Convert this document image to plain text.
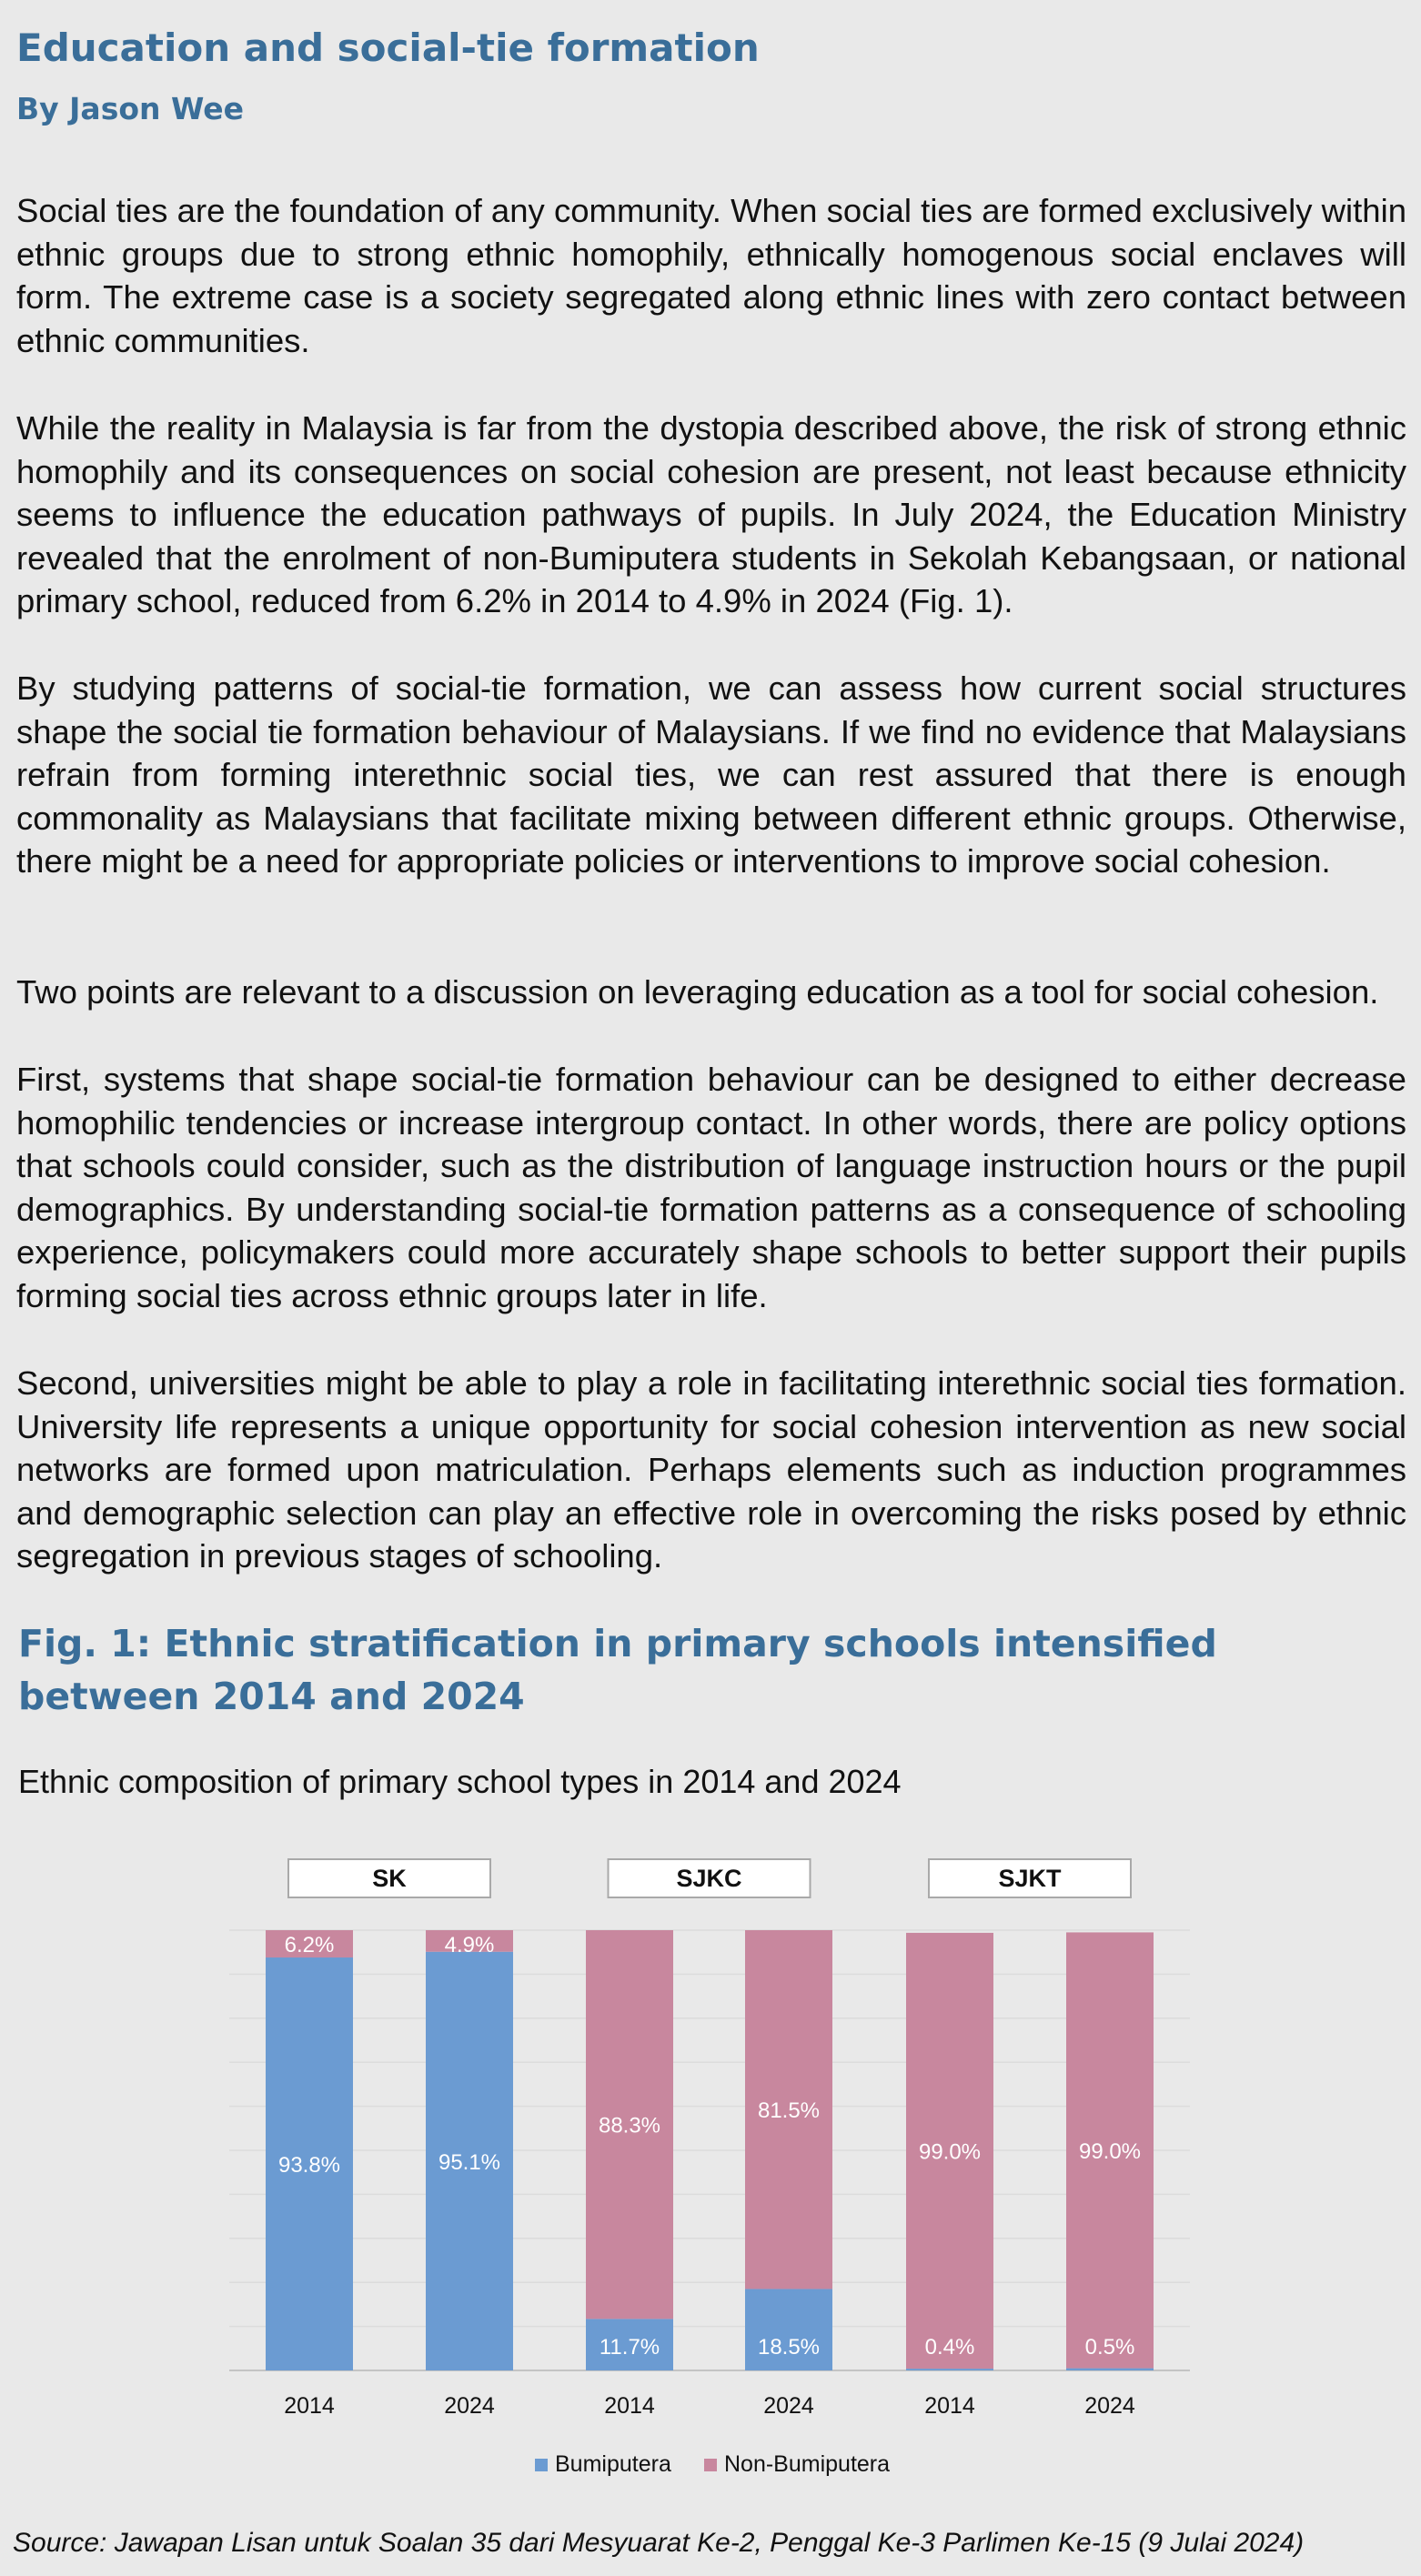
Education and social-tie formation
By Jason Wee

Social ties are the foundation of any community. When social ties are formed exclusively within ethnic groups due to strong ethnic homophily, ethnically homogenous social enclaves will form. The extreme case is a society segregated along ethnic lines with zero contact between ethnic communities.

While the reality in Malaysia is far from the dystopia described above, the risk of strong ethnic homophily and its consequences on social cohesion are present, not least because ethnicity seems to influence the education pathways of pupils. In July 2024, the Education Ministry revealed that the enrolment of non-Bumiputera students in Sekolah Kebangsaan, or national primary school, reduced from 6.2% in 2014 to 4.9% in 2024 (Fig. 1).

By studying patterns of social-tie formation, we can assess how current social structures shape the social tie formation behaviour of Malaysians. If we find no evidence that Malaysians refrain from forming interethnic social ties, we can rest assured that there is enough commonality as Malaysians that facilitate mixing between different ethnic groups. Otherwise, there might be a need for appropriate policies or interventions to improve social cohesion.

Two points are relevant to a discussion on leveraging education as a tool for social cohesion.

First, systems that shape social-tie formation behaviour can be designed to either decrease homophilic tendencies or increase intergroup contact. In other words, there are policy options that schools could consider, such as the distribution of language instruction hours or the pupil demographics. By understanding social-tie formation patterns as a consequence of schooling experience, policymakers could more accurately shape schools to better support their pupils forming social ties across ethnic groups later in life.

Second, universities might be able to play a role in facilitating interethnic social ties formation. University life represents a unique opportunity for social cohesion intervention as new social networks are formed upon matriculation. Perhaps elements such as induction programmes and demographic selection can play an effective role in overcoming the risks posed by ethnic segregation in previous stages of schooling.

Fig. 1: Ethnic stratification in primary schools intensified between 2014 and 2024

Ethnic composition of primary school types in 2014 and 2024

SK	SJKC	SJKT
93.8%
6.2%
2014
95.1%
4.9%
2024
11.7%
88.3%
2014
18.5%
81.5%
2024
0.4%
99.0%
2014
0.5%
99.0%
2024
Bumiputera Non-Bumiputera

Source: Jawapan Lisan untuk Soalan 35 dari Mesyuarat Ke-2, Penggal Ke-3 Parlimen Ke-15 (9 Julai 2024)
